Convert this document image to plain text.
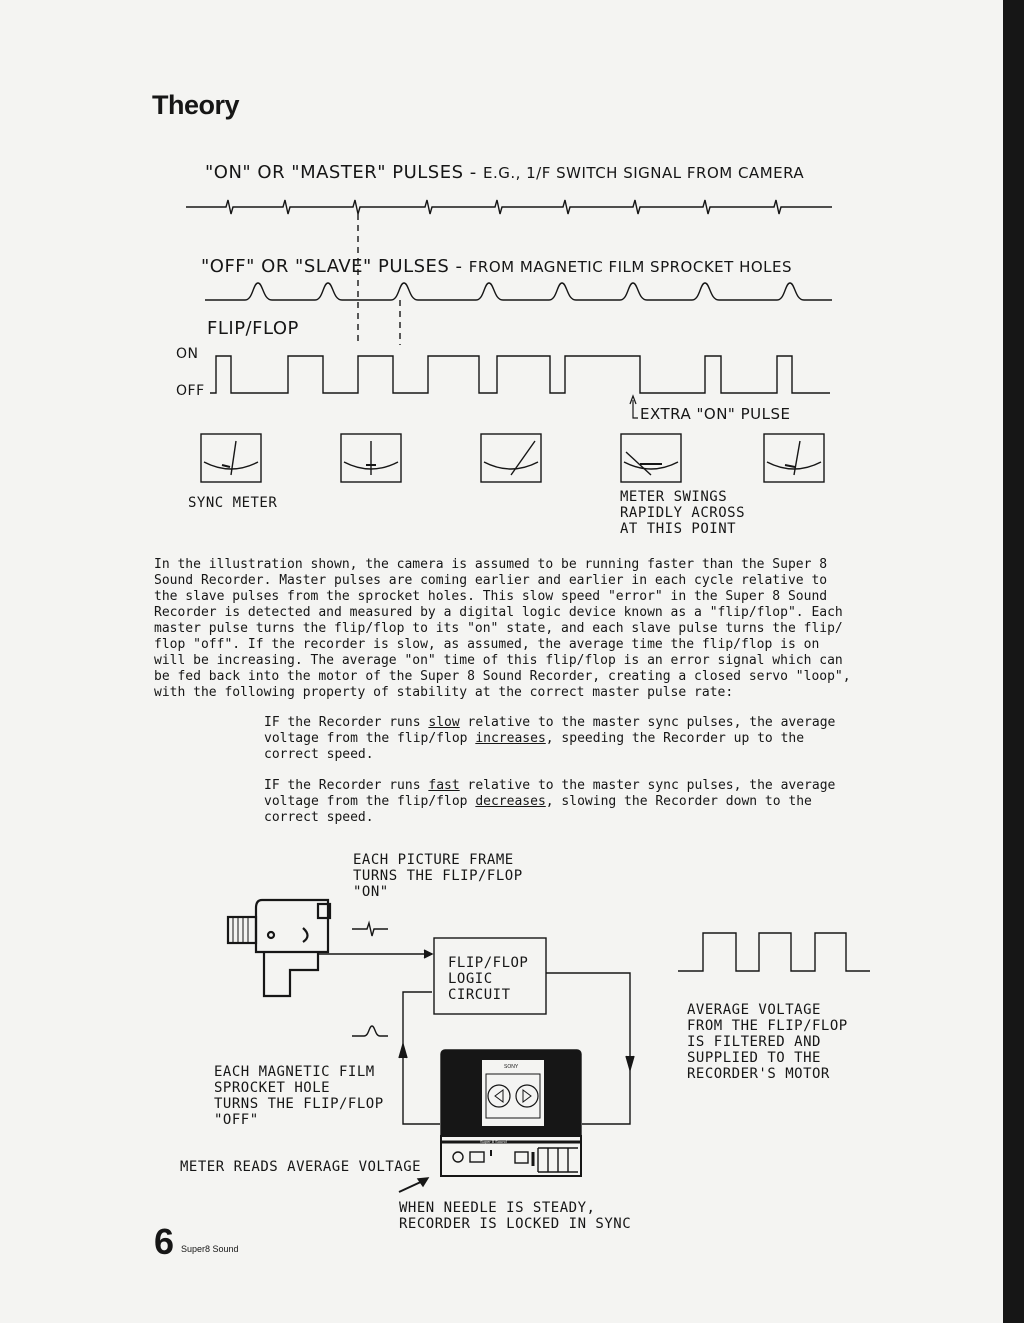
Theory
"ON" OR "MASTER" PULSES - E.G., 1/F SWITCH SIGNAL FROM CAMERA
"OFF" OR "SLAVE" PULSES - FROM MAGNETIC FILM SPROCKET HOLES
FLIP/FLOP
ON
OFF
EXTRA "ON" PULSE
SYNC METER	METER SWINGS
RAPIDLY ACROSS
AT THIS POINT
In the illustration shown, the camera is assumed to be running faster than the Super 8
Sound Recorder. Master pulses are coming earlier and earlier in each cycle relative to
the slave pulses from the sprocket holes. This slow speed "error" in the Super 8 Sound
Recorder is detected and measured by a digital logic device known as a "flip/flop". Each
master pulse turns the flip/flop to its "on" state, and each slave pulse turns the flip/
flop "off". If the recorder is slow, as assumed, the average time the flip/flop is on
will be increasing. The average "on" time of this flip/flop is an error signal which can
be fed back into the motor of the Super 8 Sound Recorder, creating a closed servo "loop",
with the following property of stability at the correct master pulse rate:
IF the Recorder runs slow relative to the master sync pulses, the average
voltage from the flip/flop increases, speeding the Recorder up to the
correct speed.
IF the Recorder runs fast relative to the master sync pulses, the average
voltage from the flip/flop decreases, slowing the Recorder down to the
correct speed.
EACH PICTURE FRAME
TURNS THE FLIP/FLOP
"ON"
FLIP/FLOP
LOGIC
CIRCUIT
EACH MAGNETIC FILM
SPROCKET HOLE
TURNS THE FLIP/FLOP
"OFF"
AVERAGE VOLTAGE
FROM THE FLIP/FLOP
IS FILTERED AND
SUPPLIED TO THE
RECORDER'S MOTOR
METER READS AVERAGE VOLTAGE
WHEN NEEDLE IS STEADY,
RECORDER IS LOCKED IN SYNC
6 Super8 Sound
SONY
Super 8 Sound
